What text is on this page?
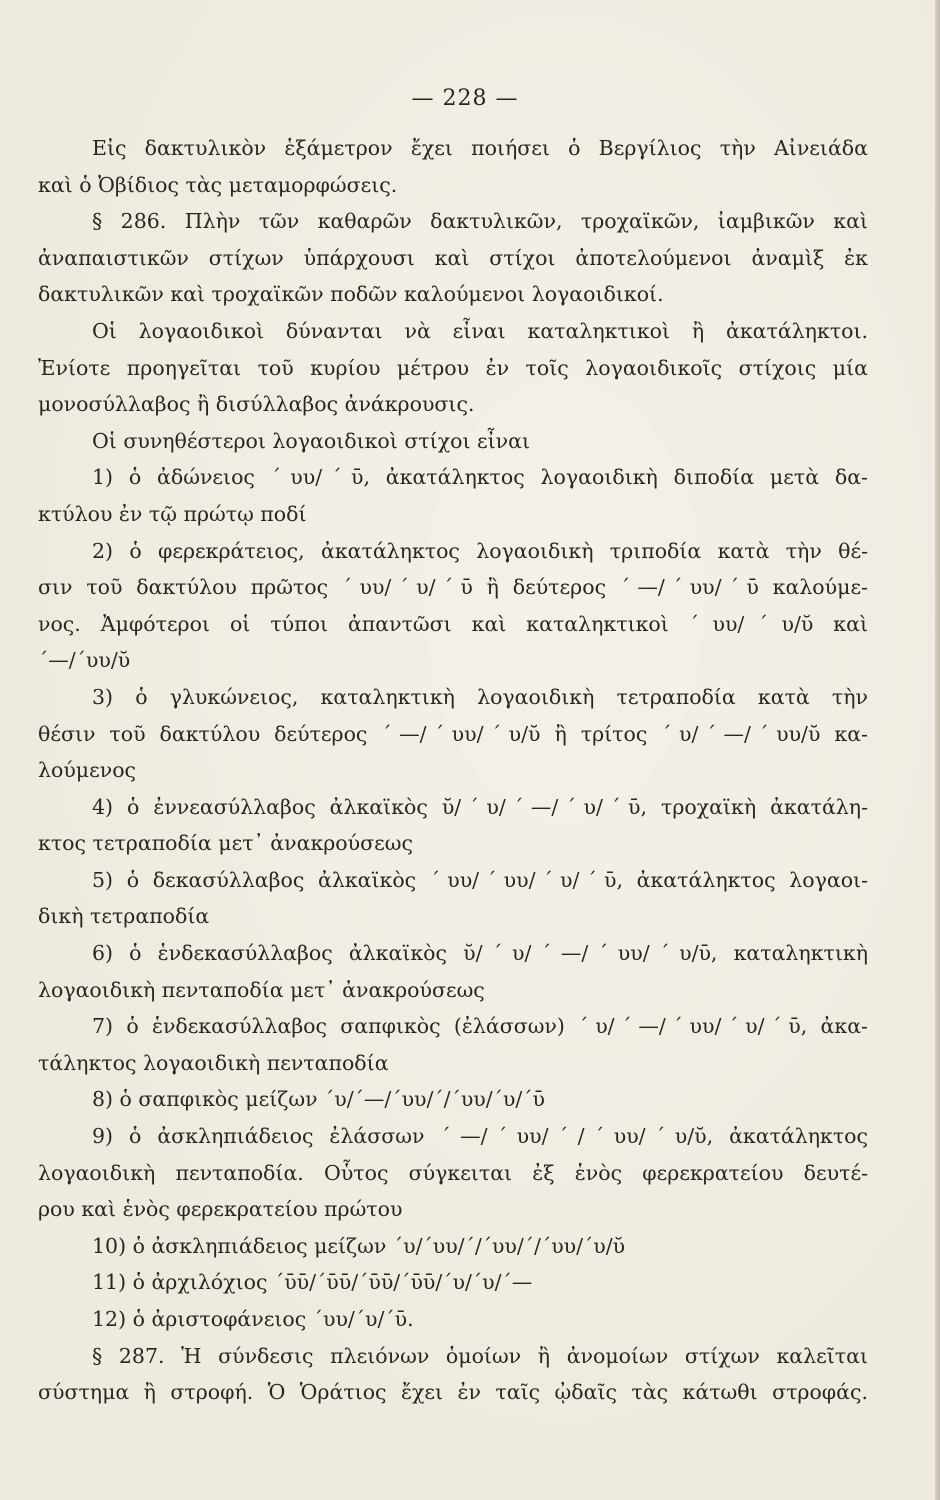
— 228 —
Εἰς δακτυλικὸν ἑξάμετρον ἔχει ποιήσει ὁ Βεργίλιος τὴν Αἰνειάδα
καὶ ὁ Ὀβίδιος τὰς μεταμορφώσεις.
§ 286. Πλὴν τῶν καθαρῶν δακτυλικῶν, τροχαϊκῶν, ἰαμβικῶν καὶ
ἀναπαιστικῶν στίχων ὑπάρχουσι καὶ στίχοι ἀποτελούμενοι ἀναμὶξ ἐκ
δακτυλικῶν καὶ τροχαϊκῶν ποδῶν καλούμενοι λογαοιδικοί.
Οἱ λογαοιδικοὶ δύνανται νὰ εἶναι καταληκτικοὶ ἢ ἀκατάληκτοι.
Ἐνίοτε προηγεῖται τοῦ κυρίου μέτρου ἐν τοῖς λογαοιδικοῖς στίχοις μία
μονοσύλλαβος ἢ δισύλλαβος ἀνάκρουσις.
Οἱ συνηθέστεροι λογαοιδικοὶ στίχοι εἶναι
1) ὁ ἀδώνειος ˊυυ/ˊῡ, ἀκατάληκτος λογαοιδικὴ διποδία μετὰ δα-
κτύλου ἐν τῷ πρώτῳ ποδί
2) ὁ φερεκράτειος, ἀκατάληκτος λογαοιδικὴ τριποδία κατὰ τὴν θέ-
σιν τοῦ δακτύλου πρῶτος ˊυυ/ˊυ/ˊῡ ἢ δεύτερος ˊ—/ˊυυ/ˊῡ καλούμε-
νος. Ἀμφότεροι οἱ τύποι ἀπαντῶσι καὶ καταληκτικοὶ ˊυυ/ˊυ/ῠ καὶ
ˊ—/ˊυυ/ῠ
3) ὁ γλυκώνειος, καταληκτικὴ λογαοιδικὴ τετραποδία κατὰ τὴν
θέσιν τοῦ δακτύλου δεύτερος ˊ—/ˊυυ/ˊυ/ῠ ἢ τρίτος ˊυ/ˊ—/ˊυυ/ῠ κα-
λούμενος
4) ὁ ἐννεασύλλαβος ἀλκαϊκὸς ῠ/ˊυ/ˊ—/ˊυ/ˊῡ, τροχαϊκὴ ἀκατάλη-
κτος τετραποδία μετ᾽ ἀνακρούσεως
5) ὁ δεκασύλλαβος ἀλκαϊκὸς ˊυυ/ˊυυ/ˊυ/ˊῡ, ἀκατάληκτος λογαοι-
δικὴ τετραποδία
6) ὁ ἑνδεκασύλλαβος ἀλκαϊκὸς ῠ/ˊυ/ˊ—/ˊυυ/ˊυ/ῡ, καταληκτικὴ
λογαοιδικὴ πενταποδία μετ᾽ ἀνακρούσεως
7) ὁ ἑνδεκασύλλαβος σαπφικὸς (ἐλάσσων) ˊυ/ˊ—/ˊυυ/ˊυ/ˊῡ, ἀκα-
τάληκτος λογαοιδικὴ πενταποδία
8) ὁ σαπφικὸς μείζων ˊυ/ˊ—/ˊυυ/ˊ/ˊυυ/ˊυ/ˊῡ
9) ὁ ἀσκληπιάδειος ἐλάσσων ˊ—/ˊυυ/ˊ/ˊυυ/ˊυ/ῠ, ἀκατάληκτος
λογαοιδικὴ πενταποδία. Οὗτος σύγκειται ἐξ ἑνὸς φερεκρατείου δευτέ-
ρου καὶ ἑνὸς φερεκρατείου πρώτου
10) ὁ ἀσκληπιάδειος μείζων ˊυ/ˊυυ/ˊ/ˊυυ/ˊ/ˊυυ/ˊυ/ῠ
11) ὁ ἀρχιλόχιος ˊῡῡ/ˊῡῡ/ˊῡῡ/ˊῡῡ/ˊυ/ˊυ/ˊ—
12) ὁ ἀριστοφάνειος ˊυυ/ˊυ/ˊῡ.
§ 287. Ἡ σύνδεσις πλειόνων ὁμοίων ἢ ἀνομοίων στίχων καλεῖται
σύστημα ἢ στροφή. Ὁ Ὁράτιος ἔχει ἐν ταῖς ᾠδαῖς τὰς κάτωθι στροφάς.
